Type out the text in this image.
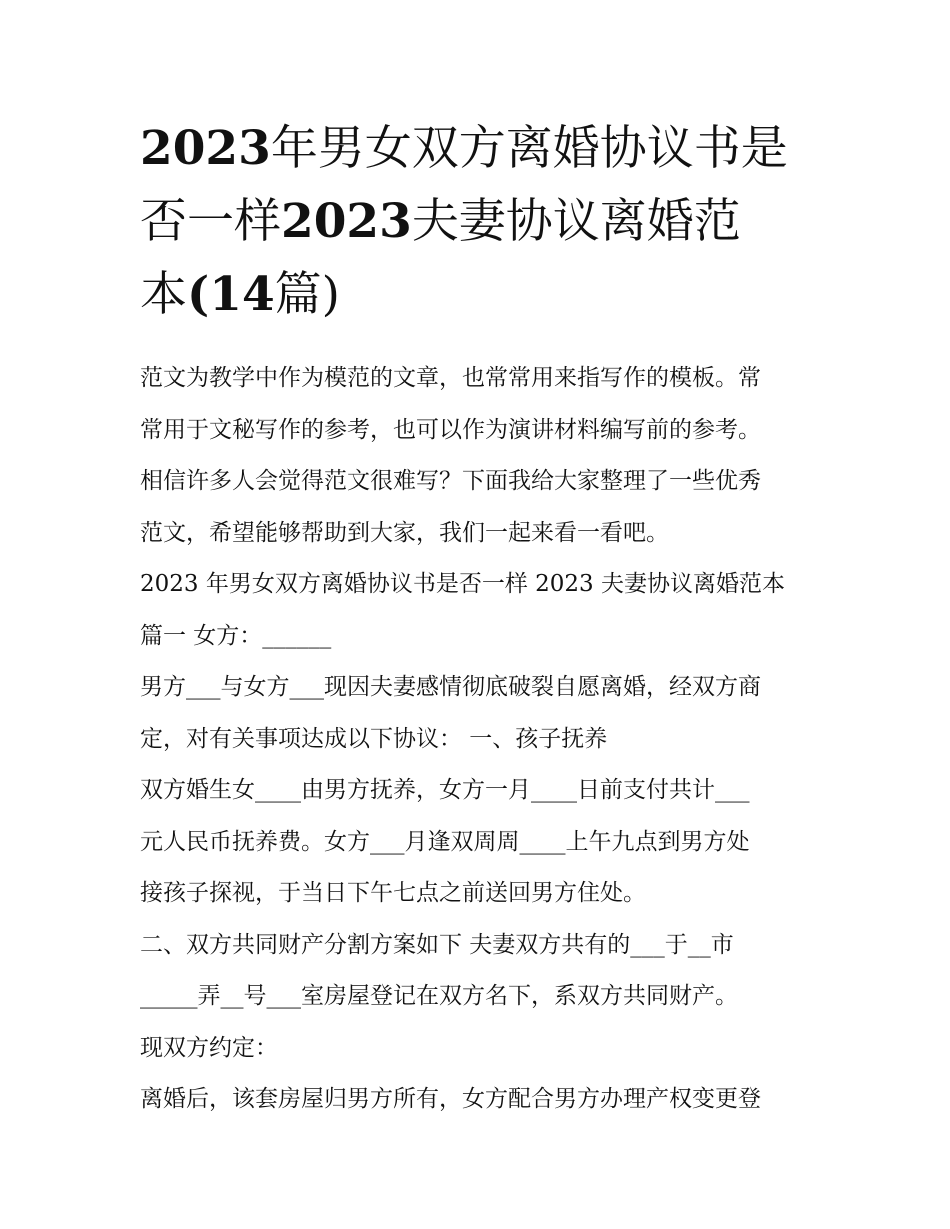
2023年男女双方离婚协议书是
否一样2023夫妻协议离婚范
本(14篇)
范文为教学中作为模范的文章，也常常用来指写作的模板。常
常用于文秘写作的参考，也可以作为演讲材料编写前的参考。
相信许多人会觉得范文很难写？下面我给大家整理了一些优秀
范文，希望能够帮助到大家，我们一起来看一看吧。
2023 年男女双方离婚协议书是否一样 2023 夫妻协议离婚范本
篇一 女方：______
男方___与女方___现因夫妻感情彻底破裂自愿离婚，经双方商
定，对有关事项达成以下协议： 一、孩子抚养
双方婚生女____由男方抚养，女方一月____日前支付共计___
元人民币抚养费。女方___月逢双周周____上午九点到男方处
接孩子探视，于当日下午七点之前送回男方住处。
二、双方共同财产分割方案如下 夫妻双方共有的___于__市
_____弄__号___室房屋登记在双方名下，系双方共同财产。
现双方约定：
离婚后，该套房屋归男方所有，女方配合男方办理产权变更登
